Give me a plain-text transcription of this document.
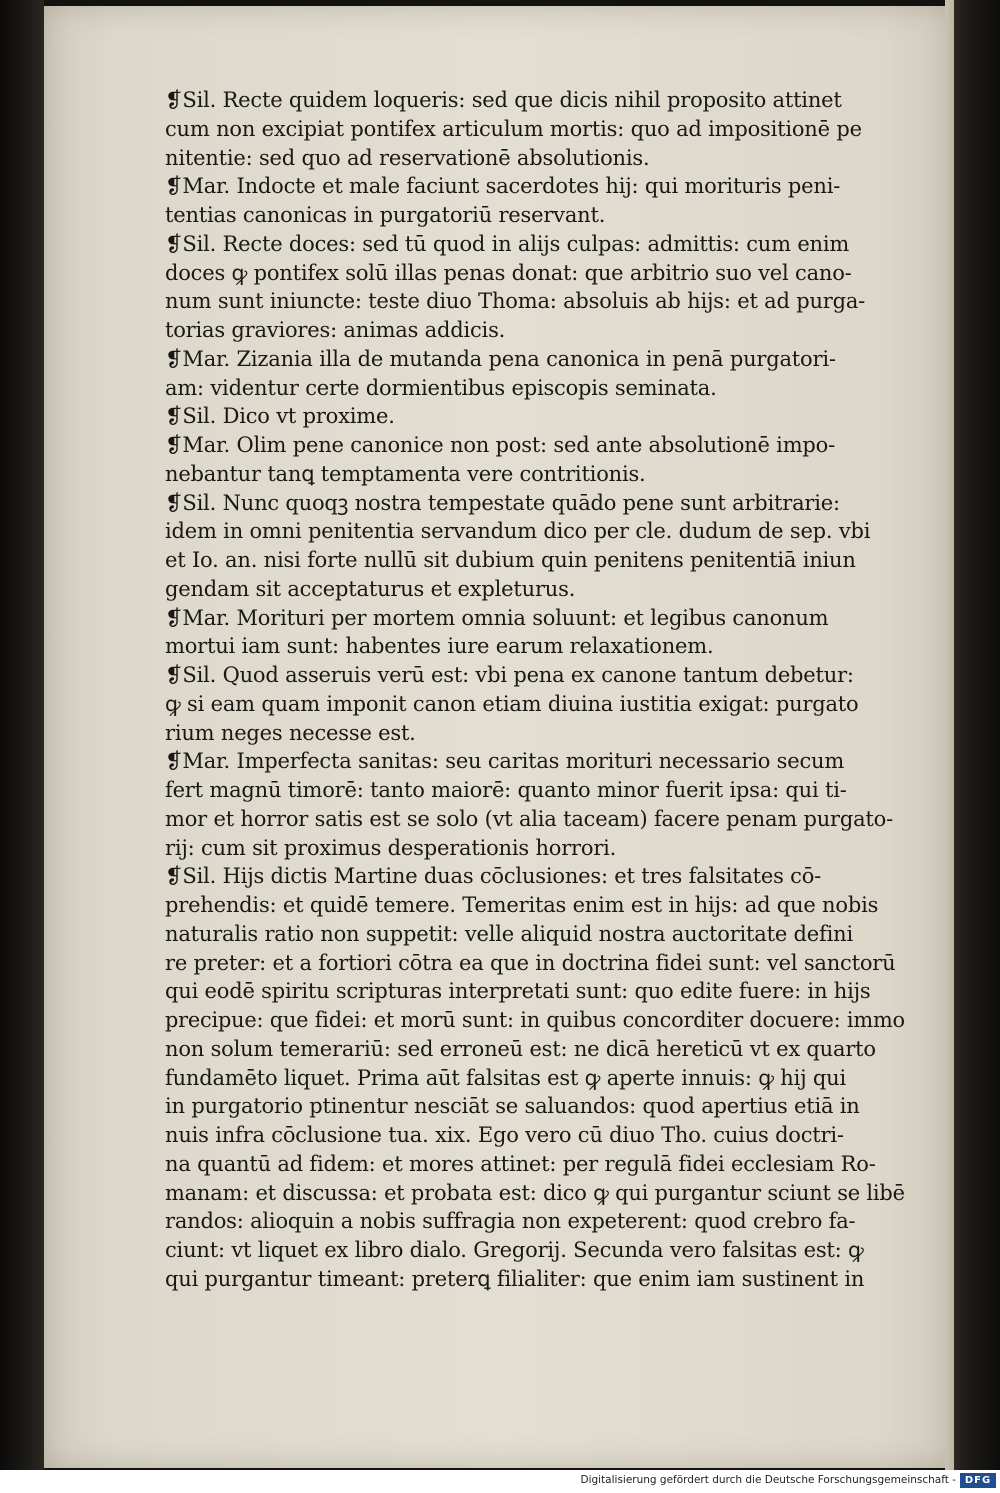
❡Sil. Recte quidem loqueris: sed que dicis nihil proposito attinet
cum non excipiat pontifex articulum mortis: quo ad impositionē pe
nitentie: sed quo ad reservationē absolutionis.
❡Mar. Indocte et male faciunt sacerdotes hij: qui morituris peni-
tentias canonicas in purgatoriū reservant.
❡Sil. Recte doces: sed tū quod in alijs culpas: admittis: cum enim
doces ꝙ pontifex solū illas penas donat: que arbitrio suo vel cano-
num sunt iniuncte: teste diuo Thoma: absoluis ab hijs: et ad purga-
torias graviores: animas addicis.
❡Mar. Zizania illa de mutanda pena canonica in penā purgatori-
am: videntur certe dormientibus episcopis seminata.
❡Sil. Dico vt proxime.
❡Mar. Olim pene canonice non post: sed ante absolutionē impo-
nebantur tanꝗ temptamenta vere contritionis.
❡Sil. Nunc quoqꝫ nostra tempestate quādo pene sunt arbitrarie:
idem in omni penitentia servandum dico per cle. dudum de sep. vbi
et Io. an. nisi forte nullū sit dubium quin penitens penitentiā iniun
gendam sit acceptaturus et expleturus.
❡Mar. Morituri per mortem omnia soluunt: et legibus canonum
mortui iam sunt: habentes iure earum relaxationem.
❡Sil. Quod asseruis verū est: vbi pena ex canone tantum debetur:
ꝙ si eam quam imponit canon etiam diuina iustitia exigat: purgato
rium neges necesse est.
❡Mar. Imperfecta sanitas: seu caritas morituri necessario secum
fert magnū timorē: tanto maiorē: quanto minor fuerit ipsa: qui ti-
mor et horror satis est se solo (vt alia taceam) facere penam purgato-
rij: cum sit proximus desperationis horrori.
❡Sil. Hijs dictis Martine duas cōclusiones: et tres falsitates cō-
prehendis: et quidē temere. Temeritas enim est in hijs: ad que nobis
naturalis ratio non suppetit: velle aliquid nostra auctoritate defini
re preter: et a fortiori cōtra ea que in doctrina fidei sunt: vel sanctorū
qui eodē spiritu scripturas interpretati sunt: quo edite fuere: in hijs
precipue: que fidei: et morū sunt: in quibus concorditer docuere: immo
non solum temerariū: sed erroneū est: ne dicā hereticū vt ex quarto
fundamēto liquet. Prima aūt falsitas est ꝙ aperte innuis: ꝙ hij qui
in purgatorio ptinentur nesciāt se saluandos: quod apertius etiā in
nuis infra cōclusione tua. xix. Ego vero cū diuo Tho. cuius doctri-
na quantū ad fidem: et mores attinet: per regulā fidei ecclesiam Ro-
manam: et discussa: et probata est: dico ꝙ qui purgantur sciunt se libē
randos: alioquin a nobis suffragia non expeterent: quod crebro fa-
ciunt: vt liquet ex libro dialo. Gregorij. Secunda vero falsitas est: ꝙ
qui purgantur timeant: preterꝗ filialiter: que enim iam sustinent in
Digitalisierung gefördert durch die Deutsche Forschungsgemeinschaft - DFG
